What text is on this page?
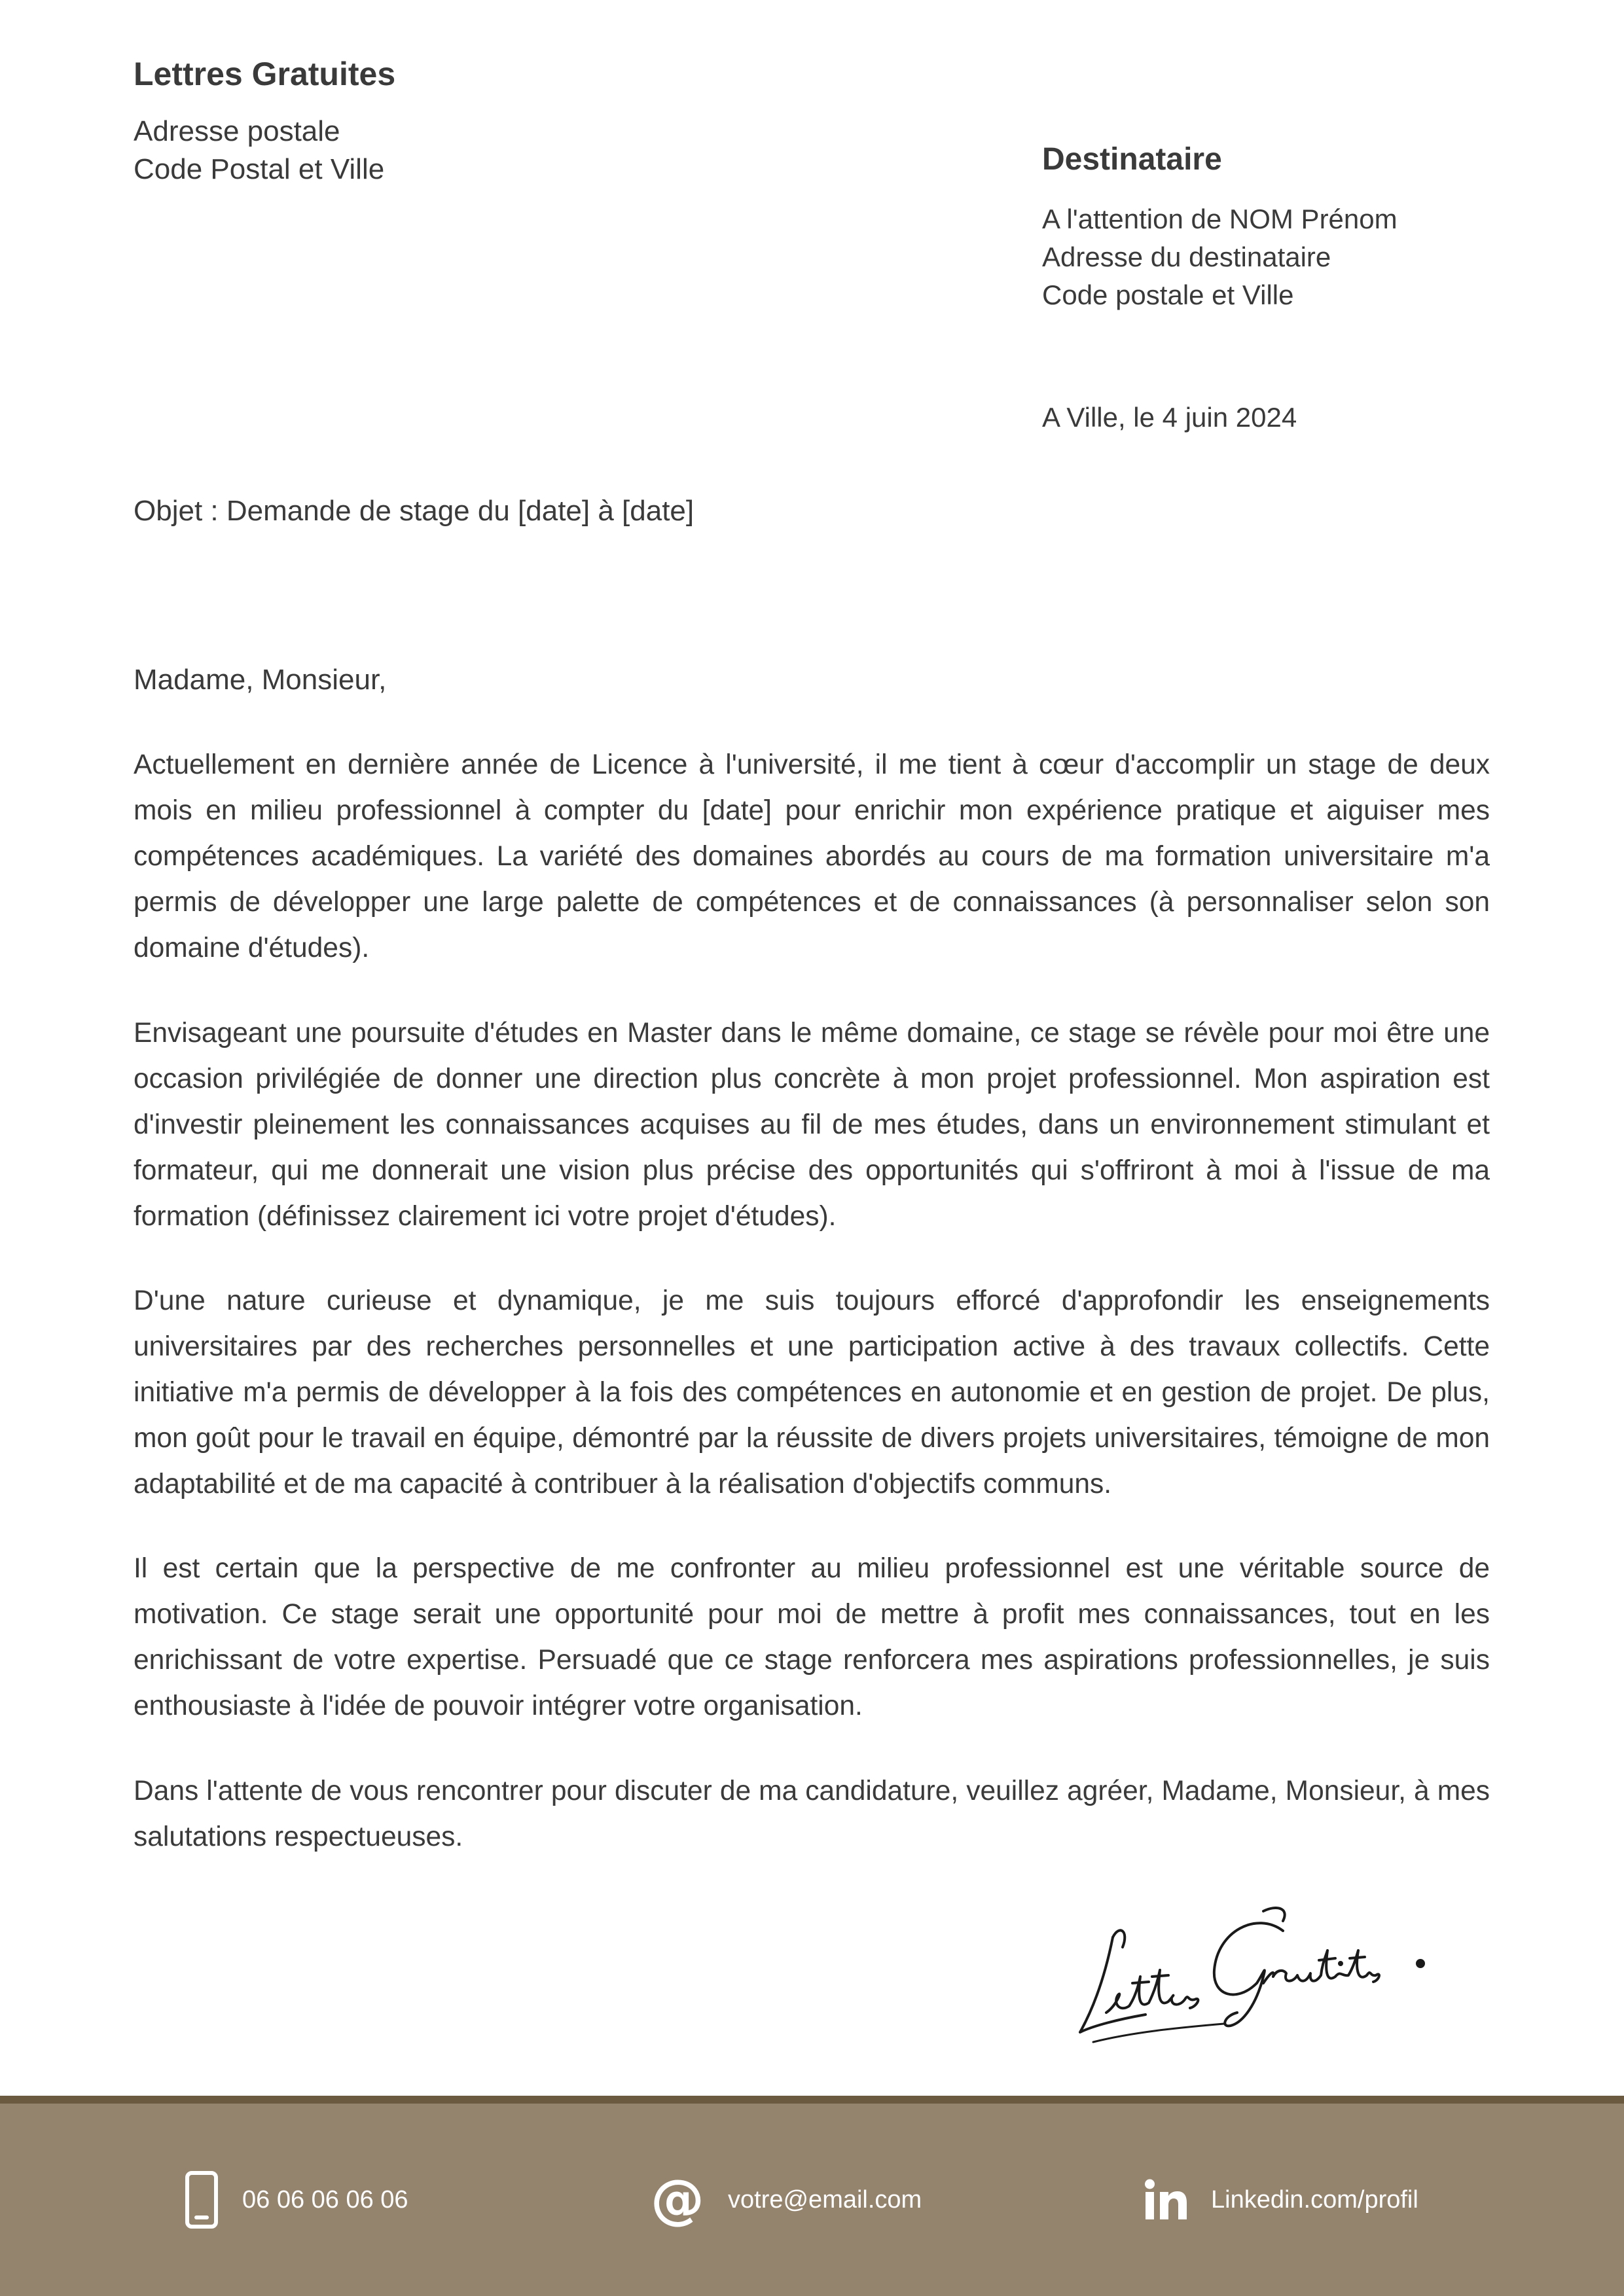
Lettres Gratuites
Adresse postale
Code Postal et Ville	Destinataire
A l'attention de NOM Prénom
Adresse du destinataire
Code postale et Ville
A Ville, le 4 juin 2024
Objet : Demande de stage du [date] à [date]
Madame, Monsieur,

Actuellement en dernière année de Licence à l'université, il me tient à cœur d'accomplir un stage de deux mois en milieu professionnel à compter du [date] pour enrichir mon expérience pratique et aiguiser mes compétences académiques. La variété des domaines abordés au cours de ma formation universitaire m'a permis de développer une large palette de compétences et de connaissances (à personnaliser selon son domaine d'études).

Envisageant une poursuite d'études en Master dans le même domaine, ce stage se révèle pour moi être une occasion privilégiée de donner une direction plus concrète à mon projet professionnel. Mon aspiration est d'investir pleinement les connaissances acquises au fil de mes études, dans un environnement stimulant et formateur, qui me donnerait une vision plus précise des opportunités qui s'offriront à moi à l'issue de ma formation (définissez clairement ici votre projet d'études).

D'une nature curieuse et dynamique, je me suis toujours efforcé d'approfondir les enseignements universitaires par des recherches personnelles et une participation active à des travaux collectifs. Cette initiative m'a permis de développer à la fois des compétences en autonomie et en gestion de projet. De plus, mon goût pour le travail en équipe, démontré par la réussite de divers projets universitaires, témoigne de mon adaptabilité et de ma capacité à contribuer à la réalisation d'objectifs communs.

Il est certain que la perspective de me confronter au milieu professionnel est une véritable source de motivation. Ce stage serait une opportunité pour moi de mettre à profit mes connaissances, tout en les enrichissant de votre expertise. Persuadé que ce stage renforcera mes aspirations professionnelles, je suis enthousiaste à l'idée de pouvoir intégrer votre organisation.

Dans l'attente de vous rencontrer pour discuter de ma candidature, veuillez agréer, Madame, Monsieur, à mes salutations respectueuses.

06 06 06 06 06	@ votre@email.com	Linkedin.com/profil
